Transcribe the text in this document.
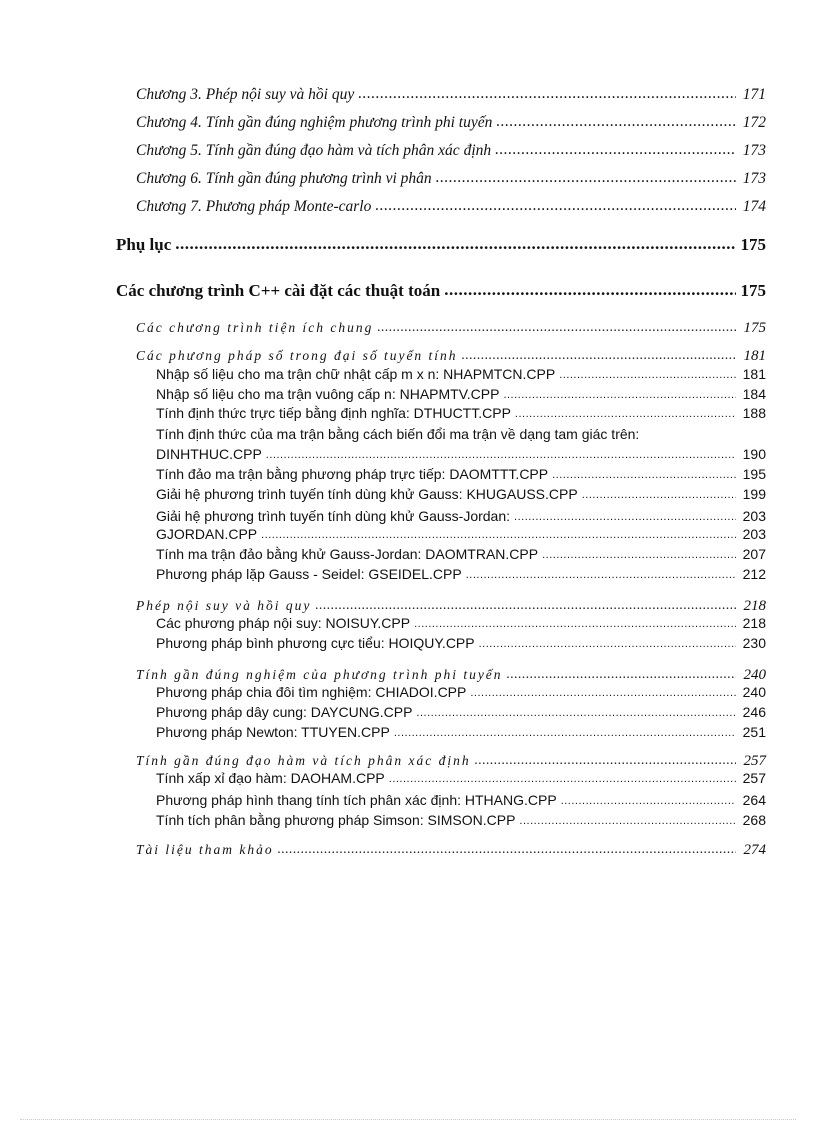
Chương 3. Phép nội suy và hồi quy .....	171
Chương 4. Tính gần đúng nghiệm phương trình phi tuyến .....	172
Chương 5. Tính gần đúng đạo hàm và tích phân xác định .....	173
Chương 6. Tính gần đúng phương trình vi phân .....	173
Chương 7. Phương pháp Monte-carlo .....	174
Phụ lục .....	175
Các chương trình C++ cài đặt các thuật toán .....	175
Các chương trình tiện ích chung .....	175
Các phương pháp số trong đại số tuyến tính .....	181
Nhập số liệu cho ma trận chữ nhật cấp m x n: NHAPMTCN.CPP .....	181
Nhập số liệu cho ma trận vuông cấp n: NHAPMTV.CPP .....	184
Tính định thức trực tiếp bằng định nghĩa: DTHUCTT.CPP .....	188
Tính định thức của ma trận bằng cách biến đổi ma trận về dạng tam giác trên:
DINHTHUC.CPP .....	190
Tính đảo ma trận bằng phương pháp trực tiếp: DAOMTTT.CPP .....	195
Giải hệ phương trình tuyến tính dùng khử Gauss: KHUGAUSS.CPP .....	199
Giải hệ phương trình tuyến tính dùng khử Gauss-Jordan: .....	203
GJORDAN.CPP .....	203
Tính ma trận đảo bằng khử Gauss-Jordan: DAOMTRAN.CPP .....	207
Phương pháp lặp Gauss - Seidel: GSEIDEL.CPP .....	212
Phép nội suy và hồi quy .....	218
Các phương pháp nội suy: NOISUY.CPP .....	218
Phương pháp bình phương cực tiểu: HOIQUY.CPP .....	230
Tính gần đúng nghiệm của phương trình phi tuyến .....	240
Phương pháp chia đôi tìm nghiệm: CHIADOI.CPP .....	240
Phương pháp dây cung: DAYCUNG.CPP .....	246
Phương pháp Newton: TTUYEN.CPP .....	251
Tính gần đúng đạo hàm và tích phân xác định .....	257
Tính xấp xỉ đạo hàm: DAOHAM.CPP .....	257
Phương pháp hình thang tính tích phân xác định: HTHANG.CPP .....	264
Tính tích phân bằng phương pháp Simson: SIMSON.CPP .....	268
Tài liệu tham khảo .....	274
